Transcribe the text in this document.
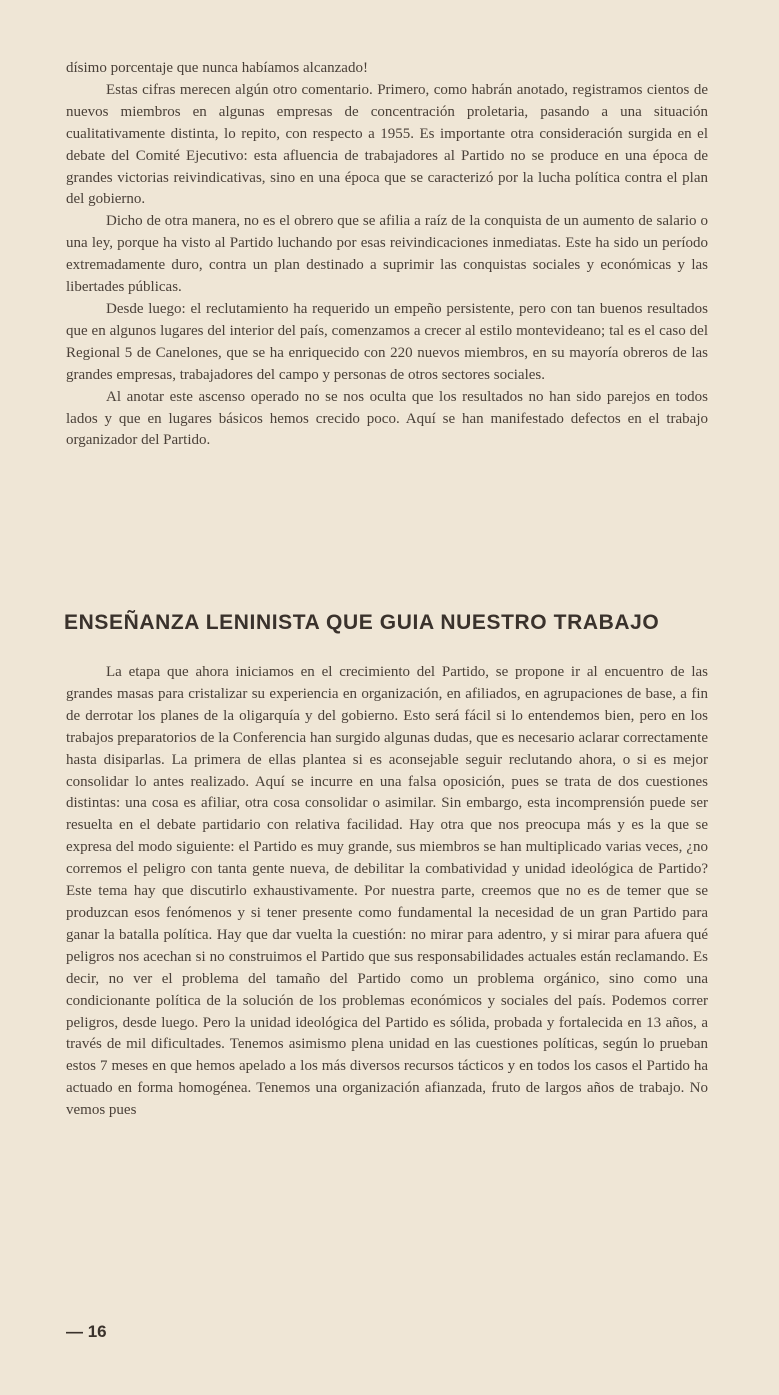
dísimo porcentaje que nunca habíamos alcanzado!

Estas cifras merecen algún otro comentario. Primero, como habrán anotado, registramos cientos de nuevos miembros en algunas empresas de concentración proletaria, pasando a una situación cualitativamente distinta, lo repito, con respecto a 1955. Es importante otra consideración surgida en el debate del Comité Ejecutivo: esta afluencia de trabajadores al Partido no se produce en una época de grandes victorias reivindicativas, sino en una época que se caracterizó por la lucha política contra el plan del gobierno.

Dicho de otra manera, no es el obrero que se afilia a raíz de la conquista de un aumento de salario o una ley, porque ha visto al Partido luchando por esas reivindicaciones inmediatas. Este ha sido un período extremadamente duro, contra un plan destinado a suprimir las conquistas sociales y económicas y las libertades públicas.

Desde luego: el reclutamiento ha requerido un empeño persistente, pero con tan buenos resultados que en algunos lugares del interior del país, comenzamos a crecer al estilo montevideano; tal es el caso del Regional 5 de Canelones, que se ha enriquecido con 220 nuevos miembros, en su mayoría obreros de las grandes empresas, trabajadores del campo y personas de otros sectores sociales.

Al anotar este ascenso operado no se nos oculta que los resultados no han sido parejos en todos lados y que en lugares básicos hemos crecido poco. Aquí se han manifestado defectos en el trabajo organizador del Partido.

ENSEÑANZA LENINISTA QUE GUIA NUESTRO TRABAJO

La etapa que ahora iniciamos en el crecimiento del Partido, se propone ir al encuentro de las grandes masas para cristalizar su experiencia en organización, en afiliados, en agrupaciones de base, a fin de derrotar los planes de la oligarquía y del gobierno. Esto será fácil si lo entendemos bien, pero en los trabajos preparatorios de la Conferencia han surgido algunas dudas, que es necesario aclarar correctamente hasta disiparlas. La primera de ellas plantea si es aconsejable seguir reclutando ahora, o si es mejor consolidar lo antes realizado. Aquí se incurre en una falsa oposición, pues se trata de dos cuestiones distintas: una cosa es afiliar, otra cosa consolidar o asimilar. Sin embargo, esta incomprensión puede ser resuelta en el debate partidario con relativa facilidad. Hay otra que nos preocupa más y es la que se expresa del modo siguiente: el Partido es muy grande, sus miembros se han multiplicado varias veces, ¿no corremos el peligro con tanta gente nueva, de debilitar la combatividad y unidad ideológica de Partido? Este tema hay que discutirlo exhaustivamente. Por nuestra parte, creemos que no es de temer que se produzcan esos fenómenos y si tener presente como fundamental la necesidad de un gran Partido para ganar la batalla política. Hay que dar vuelta la cuestión: no mirar para adentro, y si mirar para afuera qué peligros nos acechan si no construimos el Partido que sus responsabilidades actuales están reclamando. Es decir, no ver el problema del tamaño del Partido como un problema orgánico, sino como una condicionante política de la solución de los problemas económicos y sociales del país. Podemos correr peligros, desde luego. Pero la unidad ideológica del Partido es sólida, probada y fortalecida en 13 años, a través de mil dificultades. Tenemos asimismo plena unidad en las cuestiones políticas, según lo prueban estos 7 meses en que hemos apelado a los más diversos recursos tácticos y en todos los casos el Partido ha actuado en forma homogénea. Tenemos una organización afianzada, fruto de largos años de trabajo. No vemos pues

— 16
